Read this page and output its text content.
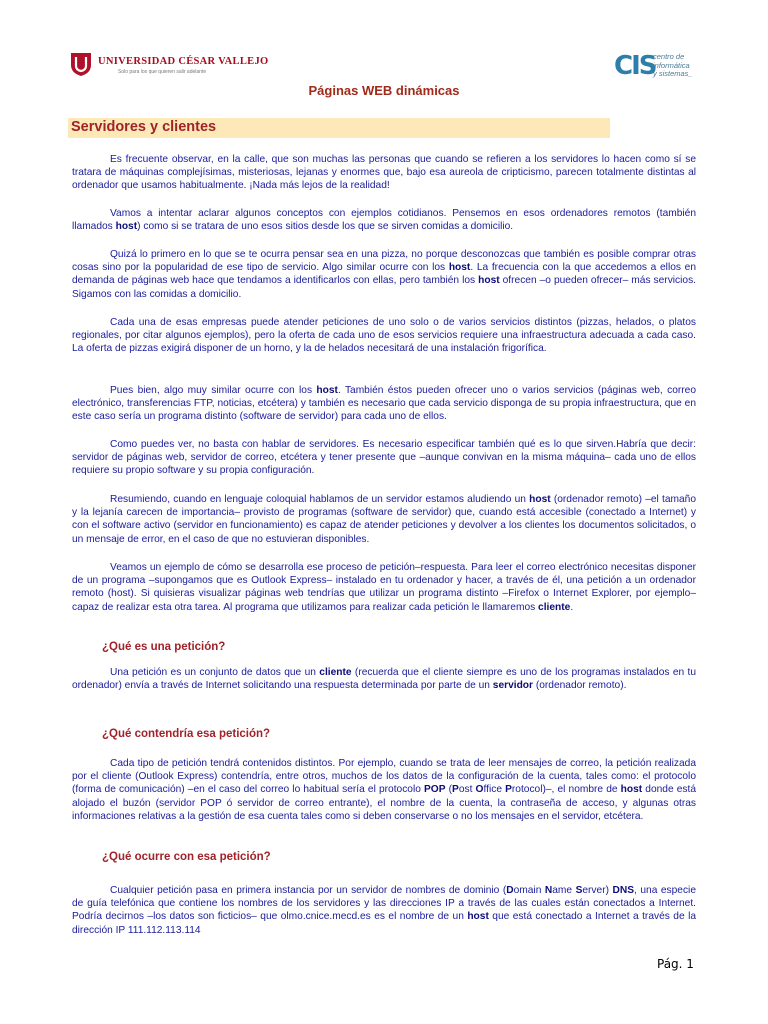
UNIVERSIDAD CÉSAR VALLEJO
Solo para los que quieren salir adelante	CIS
centro de
informática
y sistemas_
Páginas WEB dinámicas
Servidores y clientes

Es frecuente observar, en la calle, que son muchas las personas que cuando se refieren a los servidores lo hacen como sí se tratara de máquinas complejísimas, misteriosas, lejanas y enormes que, bajo esa aureola de cripticismo, parecen totalmente distintas al ordenador que usamos habitualmente. ¡Nada más lejos de la realidad!

Vamos a intentar aclarar algunos conceptos con ejemplos cotidianos. Pensemos en esos ordenadores remotos (también llamados host) como si se tratara de uno esos sitios desde los que se sirven comidas a domicilio.

Quizá lo primero en lo que se te ocurra pensar sea en una pizza, no porque desconozcas que también es posible comprar otras cosas sino por la popularidad de ese tipo de servicio. Algo similar ocurre con los host. La frecuencia con la que accedemos a ellos en demanda de páginas web hace que tendamos a identificarlos con ellas, pero también los host ofrecen –o pueden ofrecer– más servicios. Sigamos con las comidas a domicilio.

Cada una de esas empresas puede atender peticiones de uno solo o de varios servicios distintos (pizzas, helados, o platos regionales, por citar algunos ejemplos), pero la oferta de cada uno de esos servicios requiere una infraestructura adecuada a cada caso. La oferta de pizzas exigirá disponer de un horno, y la de helados necesitará de una instalación frigorífica.

Pues bien, algo muy similar ocurre con los host. También éstos pueden ofrecer uno o varios servicios (páginas web, correo electrónico, transferencias FTP, noticias, etcétera) y también es necesario que cada servicio disponga de su propia infraestructura, que en este caso sería un programa distinto (software de servidor) para cada uno de ellos.

Como puedes ver, no basta con hablar de servidores. Es necesario especificar también qué es lo que sirven.Habría que decir: servidor de páginas web, servidor de correo, etcétera y tener presente que –aunque convivan en la misma máquina– cada uno de ellos requiere su propio software y su propia configuración.

Resumiendo, cuando en lenguaje coloquial hablamos de un servidor estamos aludiendo un host (ordenador remoto) –el tamaño y la lejanía carecen de importancia– provisto de programas (software de servidor) que, cuando está accesible (conectado a Internet) y con el software activo (servidor en funcionamiento) es capaz de atender peticiones y devolver a los clientes los documentos solicitados, o un mensaje de error, en el caso de que no estuvieran disponibles.

Veamos un ejemplo de cómo se desarrolla ese proceso de petición–respuesta. Para leer el correo electrónico necesitas disponer de un programa –supongamos que es Outlook Express– instalado en tu ordenador y hacer, a través de él, una petición a un ordenador remoto (host). Si quisieras visualizar páginas web tendrías que utilizar un programa distinto –Firefox o Internet Explorer, por ejemplo– capaz de realizar esta otra tarea. Al programa que utilizamos para realizar cada petición le llamaremos cliente.

¿Qué es una petición?

Una petición es un conjunto de datos que un cliente (recuerda que el cliente siempre es uno de los programas instalados en tu ordenador) envía a través de Internet solicitando una respuesta determinada por parte de un servidor (ordenador remoto).

¿Qué contendría esa petición?

Cada tipo de petición tendrá contenidos distintos. Por ejemplo, cuando se trata de leer mensajes de correo, la petición realizada por el cliente (Outlook Express) contendría, entre otros, muchos de los datos de la configuración de la cuenta, tales como: el protocolo (forma de comunicación) –en el caso del correo lo habitual sería el protocolo POP (Post Office Protocol)–, el nombre de host donde está alojado el buzón (servidor POP ó servidor de correo entrante), el nombre de la cuenta, la contraseña de acceso, y algunas otras informaciones relativas a la gestión de esa cuenta tales como si deben conservarse o no los mensajes en el servidor, etcétera.

¿Qué ocurre con esa petición?

Cualquier petición pasa en primera instancia por un servidor de nombres de dominio (Domain Name Server) DNS, una especie de guía telefónica que contiene los nombres de los servidores y las direcciones IP a través de las cuales están conectados a Internet. Podría decirnos –los datos son ficticios– que olmo.cnice.mecd.es es el nombre de un host que está conectado a Internet a través de la dirección IP 111.112.113.114

Pág. 1
